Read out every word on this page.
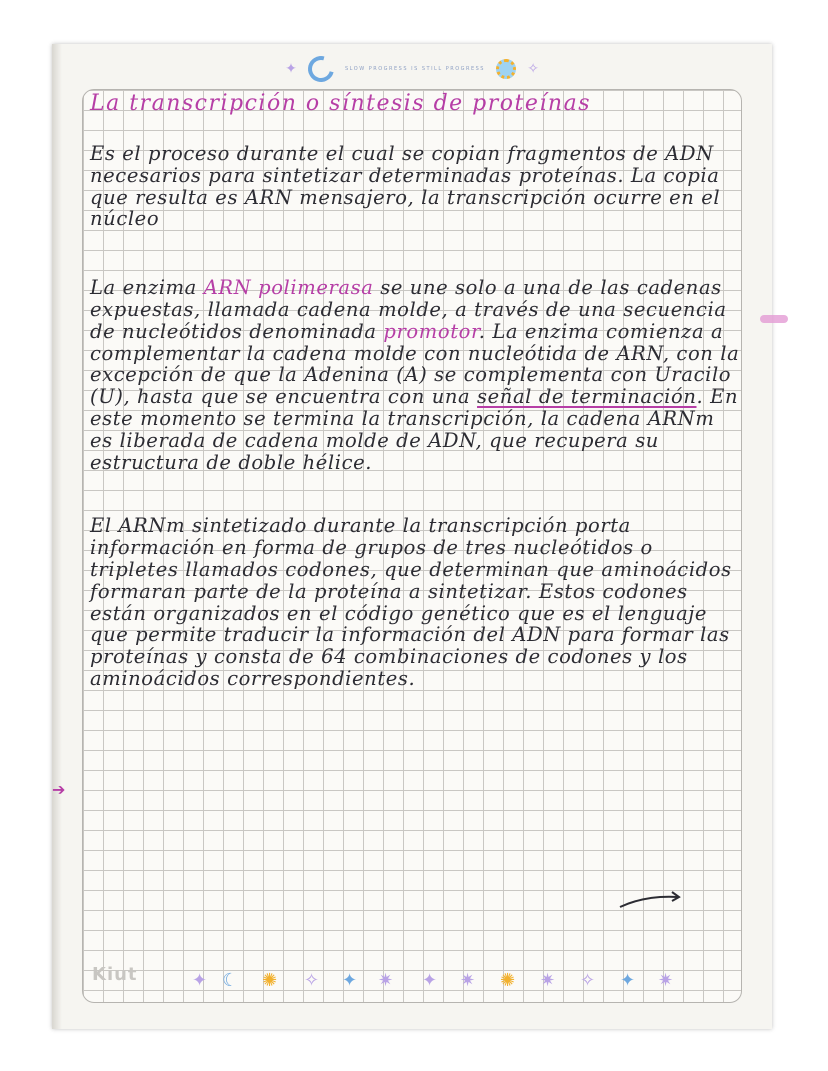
✦	SLOW PROGRESS IS STILL PROGRESS	✧
La transcripción o síntesis de proteínas

Es el proceso durante el cual se copian fragmentos de ADN necesarios para sintetizar determinadas proteínas. La copia que resulta es ARN mensajero, la transcripción ocurre en el núcleo

La enzima ARN polimerasa se une solo a una de las cadenas expuestas, llamada cadena molde, a través de una secuencia de nucleótidos denominada promotor. La enzima comienza a complementar la cadena molde con nucleótida de ARN, con la excepción de que la Adenina (A) se complementa con Uracilo (U), hasta que se encuentra con una señal de terminación. En este momento se termina la transcripción, la cadena ARNm es liberada de cadena molde de ADN, que recupera su estructura de doble hélice.

El ARNm sintetizado durante la transcripción porta información en forma de grupos de tres nucleótidos o tripletes llamados codones, que determinan que aminoácidos formaran parte de la proteína a sintetizar. Estos codones están organizados en el código genético que es el lenguaje que permite traducir la información del ADN para formar las proteínas y consta de 64 combinaciones de codones y los aminoácidos correspondientes.

Kiut	✦ ☾ ✺ ✧ ✦ ✷ ✦ ✷ ✺ ✷ ✧ ✦ ✷
➔
